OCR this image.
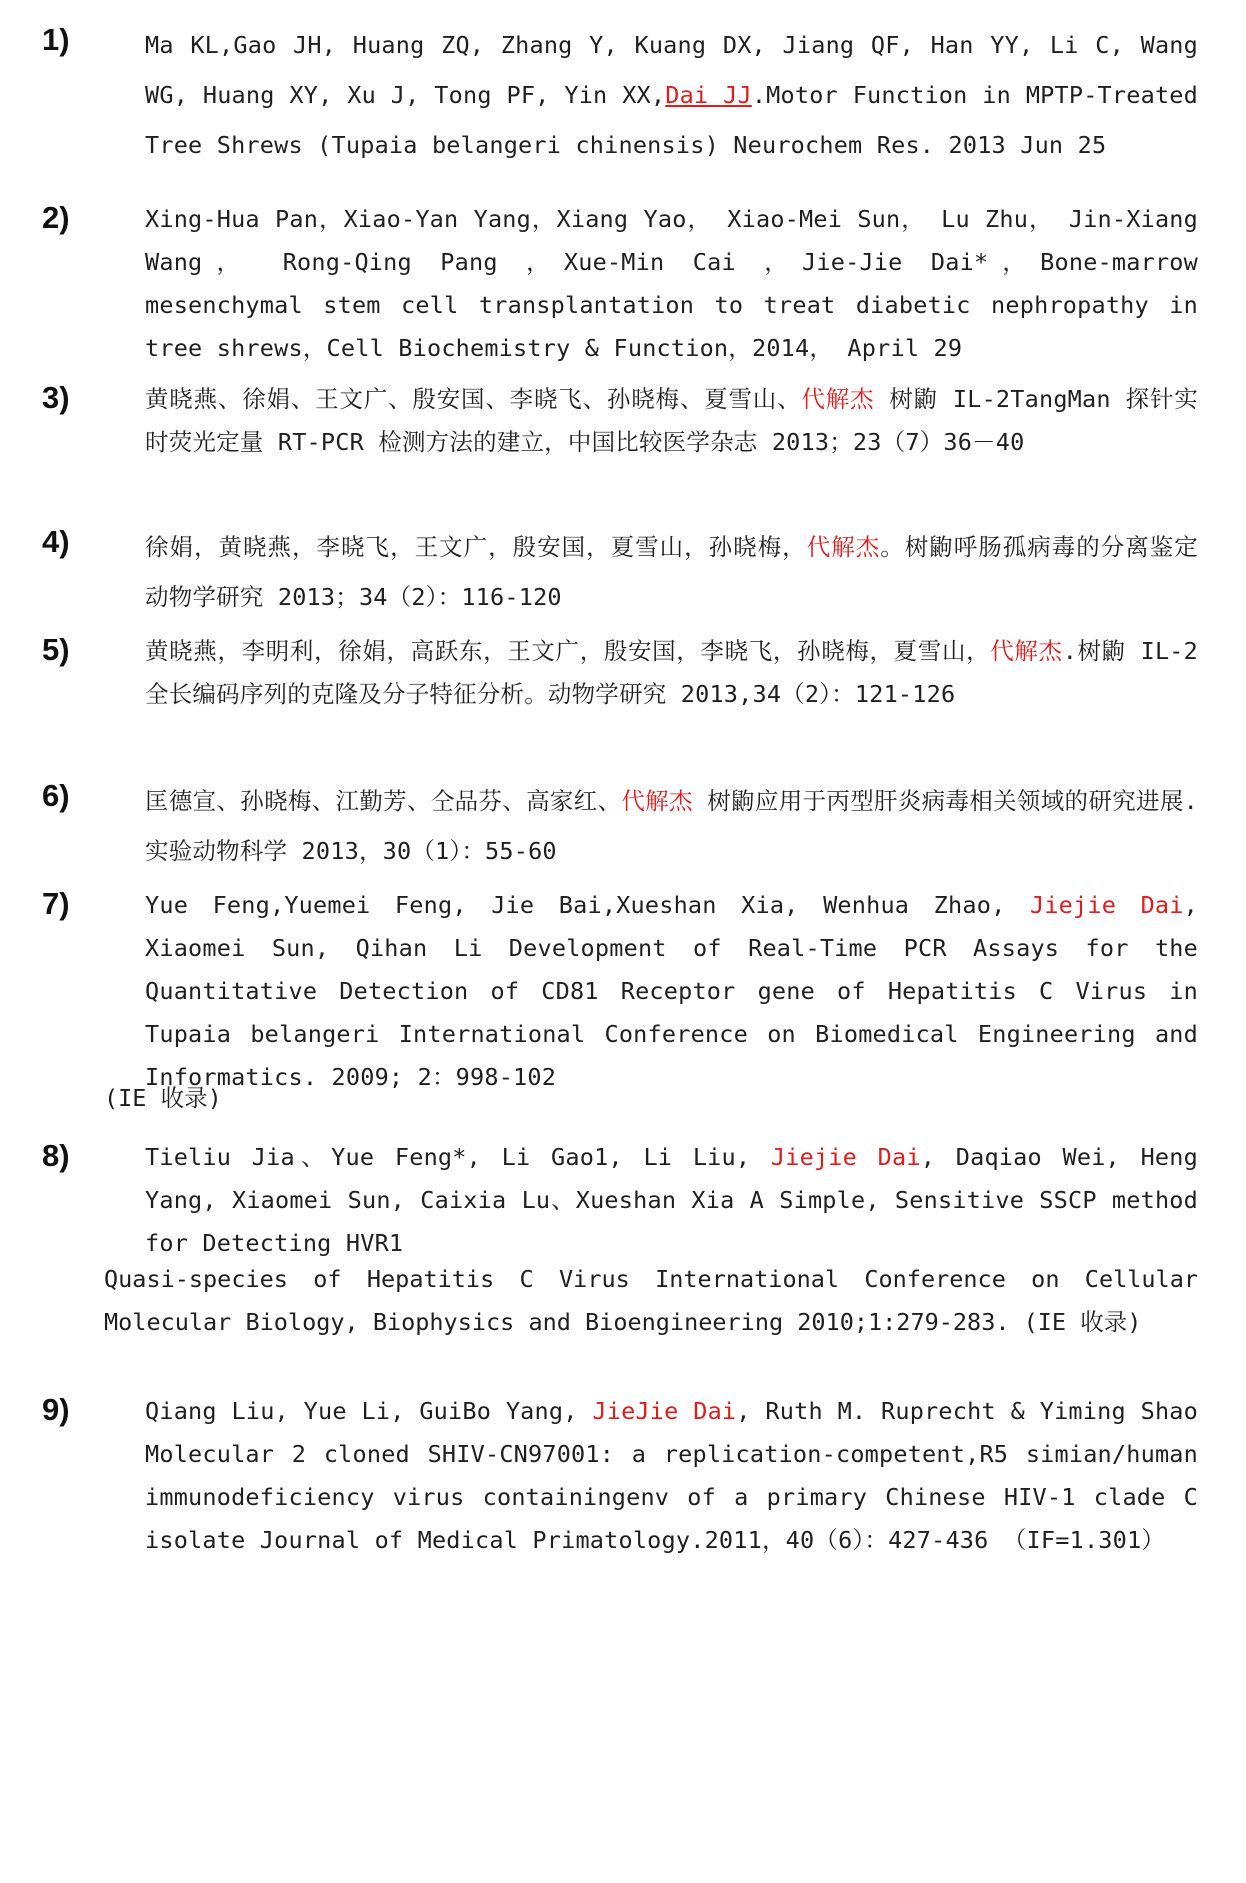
1)	Ma KL,Gao JH, Huang ZQ, Zhang Y, Kuang DX, Jiang QF, Han YY, Li C, Wang WG, Huang XY, Xu J, Tong PF, Yin XX,Dai JJ.Motor Function in MPTP-Treated Tree Shrews (Tupaia belangeri chinensis) Neurochem Res. 2013 Jun 25
2)	Xing-Hua Pan，Xiao-Yan Yang，Xiang Yao， Xiao-Mei Sun， Lu Zhu， Jin-Xiang Wang， Rong-Qing Pang ，Xue-Min Cai ，Jie-Jie Dai*，Bone-marrow mesenchymal stem cell transplantation to treat diabetic nephropathy in tree shrews，Cell Biochemistry & Function，2014， April 29
3)	黄晓燕、徐娟、王文广、殷安国、李晓飞、孙晓梅、夏雪山、代解杰 树鼩 IL-2TangMan 探针实时荧光定量 RT-PCR 检测方法的建立，中国比较医学杂志 2013；23（7）36－40
4)	徐娟，黄晓燕，李晓飞，王文广，殷安国，夏雪山，孙晓梅，代解杰。树鼩呼肠孤病毒的分离鉴定 动物学研究 2013；34（2）：116-120
5)	黄晓燕，李明利，徐娟，高跃东，王文广，殷安国，李晓飞，孙晓梅，夏雪山，代解杰.树鼩 IL-2 全长编码序列的克隆及分子特征分析。动物学研究 2013,34（2）：121-126
6)	匡德宣、孙晓梅、江勤芳、仝品芬、高家红、代解杰 树鼩应用于丙型肝炎病毒相关领域的研究进展. 实验动物科学 2013，30（1）：55-60
7)	Yue Feng,Yuemei Feng, Jie Bai,Xueshan Xia, Wenhua Zhao, Jiejie Dai, Xiaomei Sun, Qihan Li Development of Real-Time PCR Assays for the Quantitative Detection of CD81 Receptor gene of Hepatitis C Virus in Tupaia belangeri International Conference on Biomedical Engineering and Informatics. 2009; 2：998-102
(IE 收录)
8)	Tieliu Jia、Yue Feng*, Li Gao1, Li Liu, Jiejie Dai, Daqiao Wei, Heng Yang, Xiaomei Sun, Caixia Lu、Xueshan Xia A Simple, Sensitive SSCP method for Detecting HVR1
Quasi-species of Hepatitis C Virus International Conference on Cellular Molecular Biology, Biophysics and Bioengineering 2010;1:279-283. (IE 收录)
9)	Qiang Liu, Yue Li, GuiBo Yang, JieJie Dai, Ruth M. Ruprecht & Yiming Shao Molecular 2 cloned SHIV-CN97001: a replication-competent,R5 simian/human immunodeficiency virus containingenv of a primary Chinese HIV-1 clade C isolate Journal of Medical Primatology.2011，40（6）：427-436 （IF=1.301）
